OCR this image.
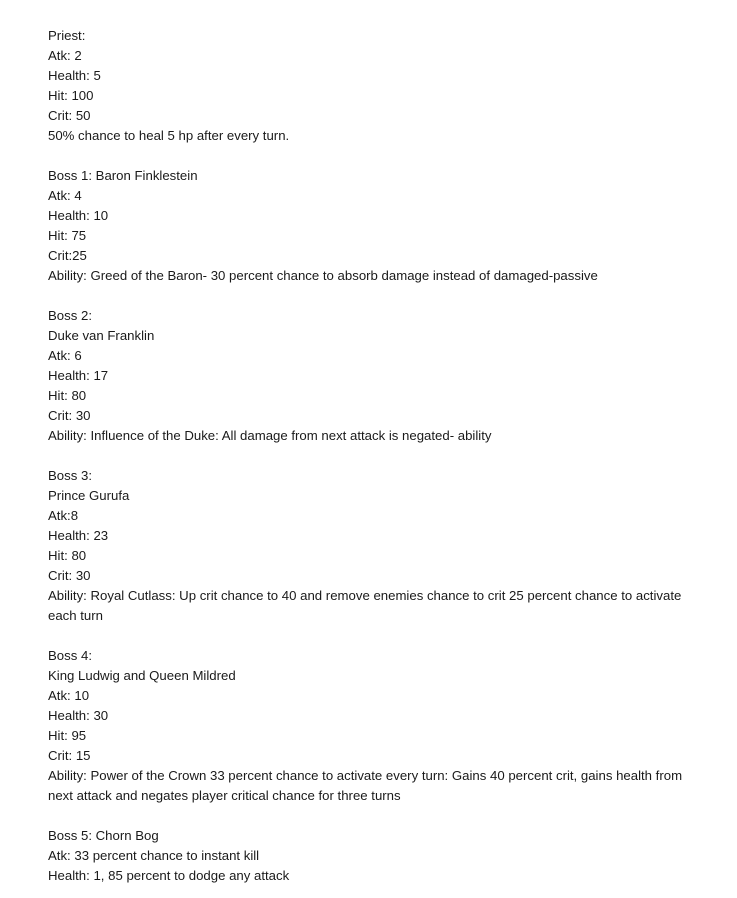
Priest:

Atk: 2

Health: 5

Hit: 100

Crit: 50

50% chance to heal 5 hp after every turn.

Boss 1: Baron Finklestein

Atk: 4

Health: 10

Hit: 75

Crit:25

Ability: Greed of the Baron- 30 percent chance to absorb damage instead of damaged-passive

Boss 2:

Duke van Franklin

Atk: 6

Health: 17

Hit: 80

Crit: 30

Ability: Influence of the Duke: All damage from next attack is negated- ability

Boss 3:

Prince Gurufa

Atk:8

Health: 23

Hit: 80

Crit: 30

Ability: Royal Cutlass: Up crit chance to 40 and remove enemies chance to crit 25 percent chance to activate each turn

Boss 4:

King Ludwig and Queen Mildred

Atk: 10

Health: 30

Hit: 95

Crit: 15

Ability: Power of the Crown 33 percent chance to activate every turn: Gains 40 percent crit, gains health from next attack and negates player critical chance for three turns

Boss 5: Chorn Bog

Atk: 33 percent chance to instant kill

Health: 1, 85 percent to dodge any attack
